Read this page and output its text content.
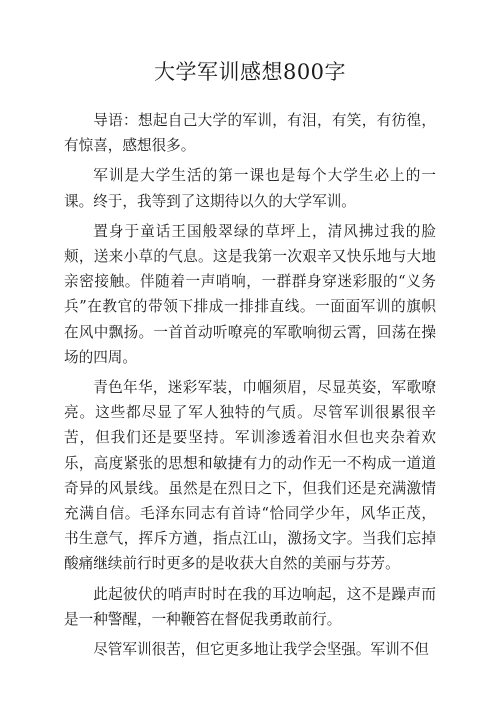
大学军训感想800字

导语：想起自己大学的军训，有泪，有笑，有彷徨，有惊喜，感想很多。

军训是大学生活的第一课也是每个大学生必上的一课。终于，我等到了这期待以久的大学军训。

置身于童话王国般翠绿的草坪上，清风拂过我的脸颊，送来小草的气息。这是我第一次艰辛又快乐地与大地亲密接触。伴随着一声哨响，一群群身穿迷彩服的“义务兵”在教官的带领下排成一排排直线。一面面军训的旗帜在风中飘扬。一首首动听嘹亮的军歌响彻云霄，回荡在操场的四周。

青色年华，迷彩军装，巾帼须眉，尽显英姿，军歌嘹亮。这些都尽显了军人独特的气质。尽管军训很累很辛苦，但我们还是要坚持。军训渗透着泪水但也夹杂着欢乐，高度紧张的思想和敏捷有力的动作无一不构成一道道奇异的风景线。虽然是在烈日之下，但我们还是充满激情充满自信。毛泽东同志有首诗“恰同学少年，风华正茂，书生意气，挥斥方遒，指点江山，激扬文字。当我们忘掉酸痛继续前行时更多的是收获大自然的美丽与芬芳。

此起彼伏的哨声时时在我的耳边响起，这不是躁声而是一种警醒，一种鞭笞在督促我勇敢前行。

尽管军训很苦，但它更多地让我学会坚强。军训不但
